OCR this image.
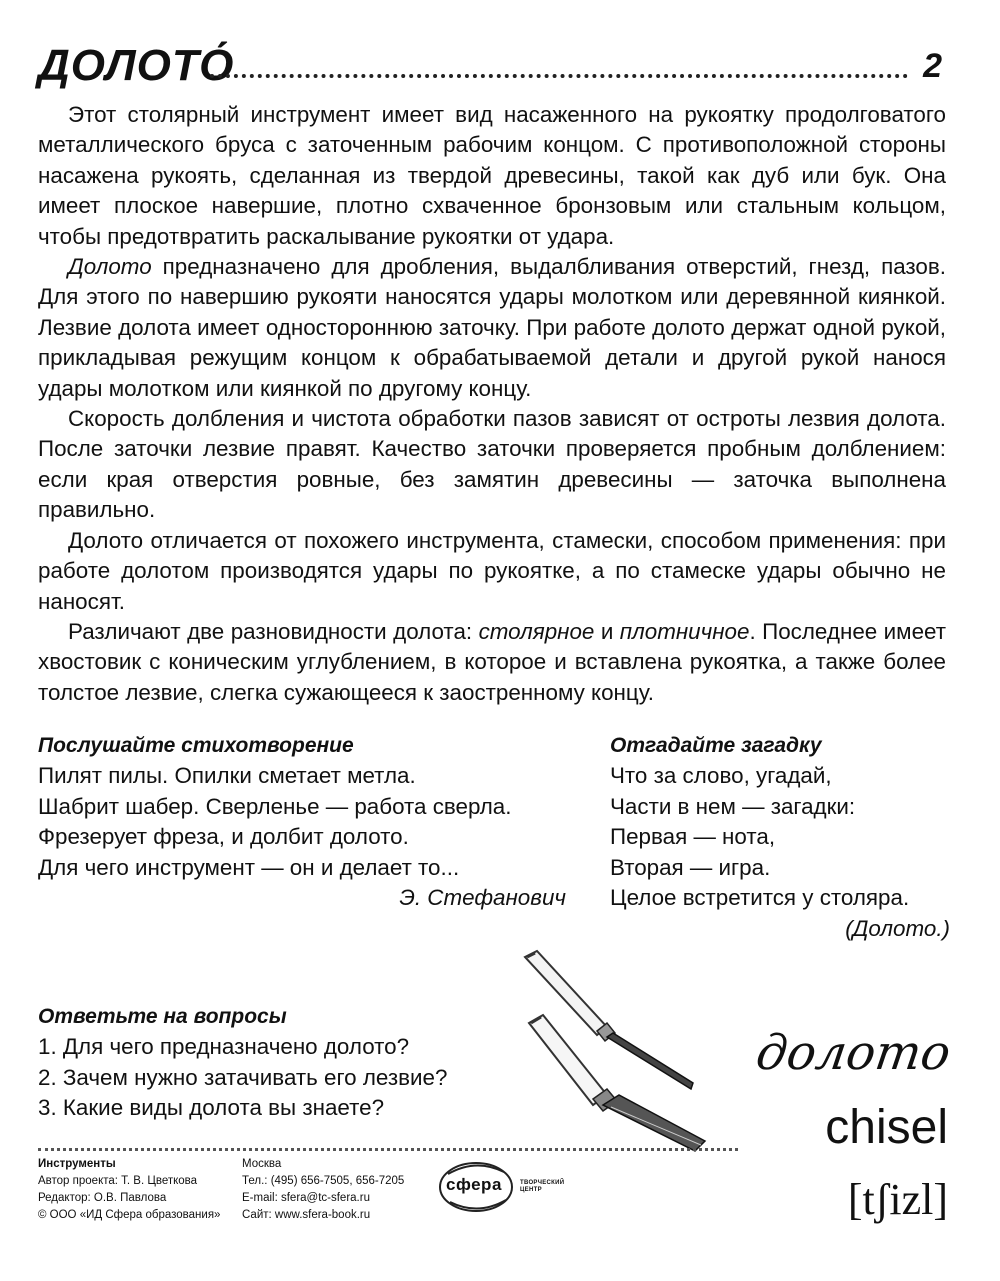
ДОЛОТО́	2

Этот столярный инструмент имеет вид насаженного на рукоятку продолговатого металлического бруса с заточенным рабочим концом. С противоположной стороны насажена рукоять, сделанная из твердой древесины, такой как дуб или бук. Она имеет плоское навершие, плотно схваченное бронзовым или стальным кольцом, чтобы предотвратить раскалывание рукоятки от удара.

Долото предназначено для дробления, выдалбливания отверстий, гнезд, пазов. Для этого по навершию рукояти наносятся удары молотком или деревянной киянкой. Лезвие долота имеет одностороннюю заточку. При работе долото держат одной рукой, прикладывая режущим концом к обрабатываемой детали и другой рукой нанося удары молотком или киянкой по другому концу.

Скорость долбления и чистота обработки пазов зависят от остроты лезвия долота. После заточки лезвие правят. Качество заточки проверяется пробным долблением: если края отверстия ровные, без замятин древесины — заточка выполнена правильно.

Долото отличается от похожего инструмента, стамески, способом применения: при работе долотом производятся удары по рукоятке, а по стамеске удары обычно не наносят.

Различают две разновидности долота: столярное и плотничное. Последнее имеет хвостовик с коническим углублением, в которое и вставлена рукоятка, а также более толстое лезвие, слегка сужающееся к заостренному концу.

Послушайте стихотворение
Пилят пилы. Опилки сметает метла.
Шабрит шабер. Сверленье — работа сверла.
Фрезерует фреза, и долбит долото.
Для чего инструмент — он и делает то...
Э. Стефанович
Отгадайте загадку
Что за слово, угадай,
Части в нем — загадки:
Первая — нота,
Вторая — игра.
Целое встретится у столяра.
(Долото.)
Ответьте на вопросы
1. Для чего предназначено долото?
2. Зачем нужно затачивать его лезвие?
3. Какие виды долота вы знаете?
долото
chisel
[tʃizl]
Инструменты
Автор проекта: Т. В. Цветкова
Редактор: О.В. Павлова
© ООО «ИД Сфера образования»
Москва
Тел.: (495) 656-7505, 656-7205
E-mail: sfera@tc-sfera.ru
Сайт: www.sfera-book.ru
сфера	ТВОРЧЕСКИЙ
ЦЕНТР
